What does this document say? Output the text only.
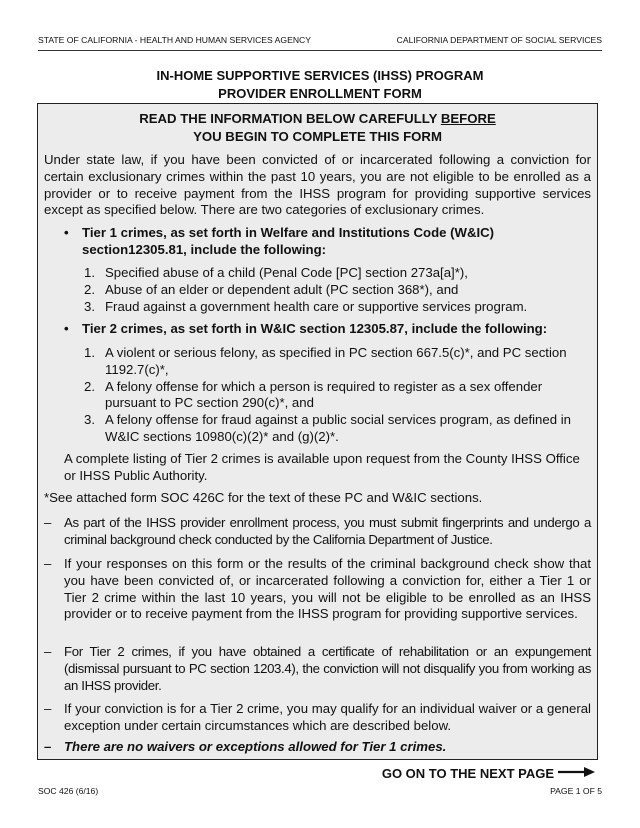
STATE OF CALIFORNIA - HEALTH AND HUMAN SERVICES AGENCY	CALIFORNIA DEPARTMENT OF SOCIAL SERVICES
IN-HOME SUPPORTIVE SERVICES (IHSS) PROGRAM
PROVIDER ENROLLMENT FORM
READ THE INFORMATION BELOW CAREFULLY BEFORE
YOU BEGIN TO COMPLETE THIS FORM
Under state law, if you have been convicted of or incarcerated following a conviction for certain exclusionary crimes within the past 10 years, you are not eligible to be enrolled as a provider or to receive payment from the IHSS program for providing supportive services except as specified below. There are two categories of exclusionary crimes.
• Tier 1 crimes, as set forth in Welfare and Institutions Code (W&IC) section12305.81, include the following:
1. Specified abuse of a child (Penal Code [PC] section 273a[a]*),
2. Abuse of an elder or dependent adult (PC section 368*), and
3. Fraud against a government health care or supportive services program.
• Tier 2 crimes, as set forth in W&IC section 12305.87, include the following:
1. A violent or serious felony, as specified in PC section 667.5(c)*, and PC section 1192.7(c)*,
2. A felony offense for which a person is required to register as a sex offender pursuant to PC section 290(c)*, and
3. A felony offense for fraud against a public social services program, as defined in W&IC sections 10980(c)(2)* and (g)(2)*.
A complete listing of Tier 2 crimes is available upon request from the County IHSS Office or IHSS Public Authority.
*See attached form SOC 426C for the text of these PC and W&IC sections.
– As part of the IHSS provider enrollment process, you must submit fingerprints and undergo a criminal background check conducted by the California Department of Justice.
– If your responses on this form or the results of the criminal background check show that you have been convicted of, or incarcerated following a conviction for, either a Tier 1 or Tier 2 crime within the last 10 years, you will not be eligible to be enrolled as an IHSS provider or to receive payment from the IHSS program for providing supportive services.
– For Tier 2 crimes, if you have obtained a certificate of rehabilitation or an expungement (dismissal pursuant to PC section 1203.4), the conviction will not disqualify you from working as an IHSS provider.
– If your conviction is for a Tier 2 crime, you may qualify for an individual waiver or a general exception under certain circumstances which are described below.
– There are no waivers or exceptions allowed for Tier 1 crimes.
GO ON TO THE NEXT PAGE
SOC 426 (6/16)	PAGE 1 OF 5
